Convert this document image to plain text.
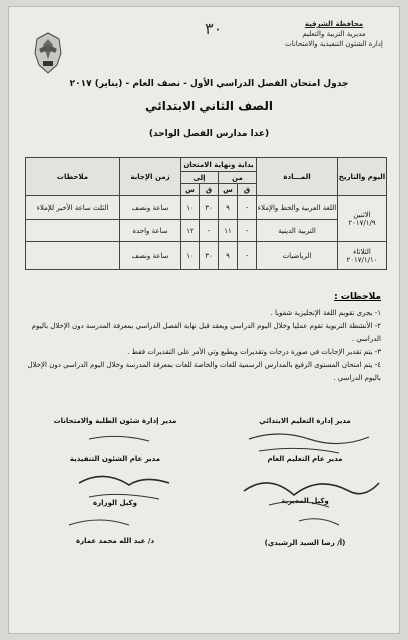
محافظة الشرقية
مديرية التربية والتعليم
إدارة الشئون التنفيذية والامتحانات
٣٠
جدول امتحان الفصل الدراسي الأول - نصف العام - (يناير) ٢٠١٧
الصف الثاني الابتدائي
(عدا مدارس الفصل الواحد)
اليوم والتاريخ	المـــادة	بداية ونهاية الامتحان				زمن الإجابة	ملاحظات
		من		إلى			
		ق	س	ق	س		

الاثنين
٢٠١٧/١/٩	اللغة العربية والخط والإملاء	-	٩	٣٠	١٠	ساعة ونصف	الثلث ساعة الأخير للإملاء
	التربية الدينية	-	١١	-	١٢	ساعة واحدة	

الثلاثاء
٢٠١٧/١/١٠	الرياضيات	-	٩	٣٠	١٠	ساعة ونصف	
ملاحظات :
١- يجرى تقويم اللغة الإنجليزية شفويا .
٢- الأنشطة التربوية تقوم عمليا وخلال اليوم الدراسي ويعقد قبل نهاية الفصل الدراسي بمعرفة المدرسة دون الإخلال باليوم الدراسي .
٣- يتم تقدير الإجابات في صورة درجات وتقديرات ويطبع وتي الأمر على التقديرات فقط .
٤- يتم امتحان المستوى الرفيع بالمدارس الرسمية للغات والخاصة للغات بمعرفة المدرسة وخلال اليوم الدراسي دون الإخلال باليوم الدراسي .
مدير إدارة التعليم الابتدائي
مدير عام التعليم العام
وكيل المديرية
(أ/ رضا السيد الرشيدي)
مدير إدارة شئون الطلبة والامتحانات
مدير عام الشئون التنفيذية
وكيل الوزارة
د/ عبد الله محمد عمارة
